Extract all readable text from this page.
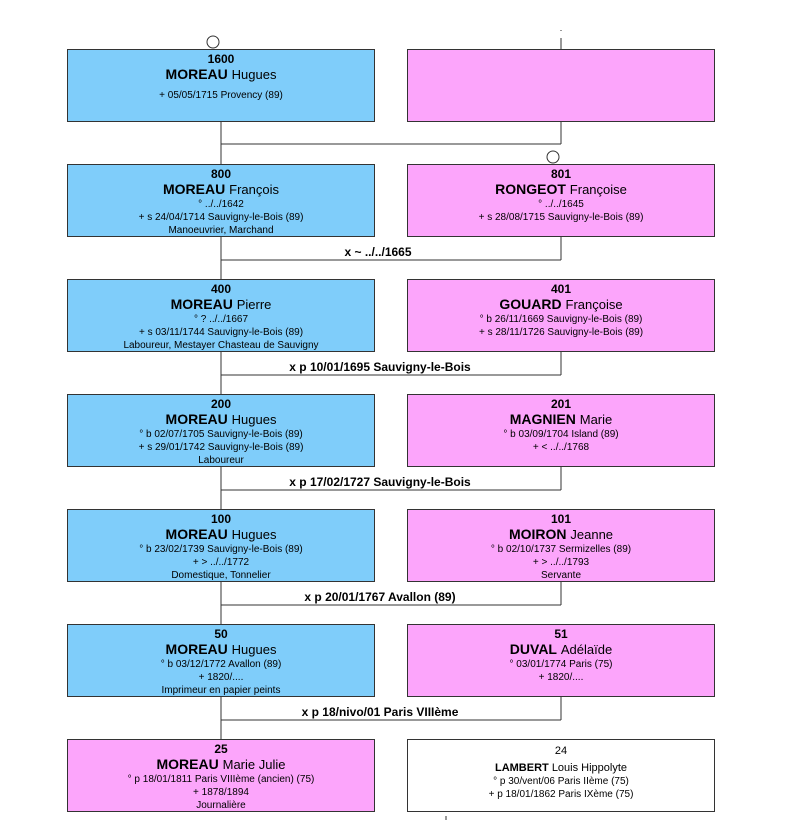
1600
MOREAU Hugues
+ 05/05/1715 Provency (89)
800
MOREAU François
° ../../1642
+ s 24/04/1714 Sauvigny-le-Bois (89)
Manoeuvrier, Marchand
801
RONGEOT Françoise
° ../../1645
+ s 28/08/1715 Sauvigny-le-Bois (89)
x ~ ../../1665
400
MOREAU Pierre
° ? ../../1667
+ s 03/11/1744 Sauvigny-le-Bois (89)
Laboureur, Mestayer Chasteau de Sauvigny
401
GOUARD Françoise
° b 26/11/1669 Sauvigny-le-Bois (89)
+ s 28/11/1726 Sauvigny-le-Bois (89)
x p 10/01/1695 Sauvigny-le-Bois
200
MOREAU Hugues
° b 02/07/1705 Sauvigny-le-Bois (89)
+ s 29/01/1742 Sauvigny-le-Bois (89)
Laboureur
201
MAGNIEN Marie
° b 03/09/1704 Island (89)
+ < ../../1768
x p 17/02/1727 Sauvigny-le-Bois
100
MOREAU Hugues
° b 23/02/1739 Sauvigny-le-Bois (89)
+ > ../../1772
Domestique, Tonnelier
101
MOIRON Jeanne
° b 02/10/1737 Sermizelles (89)
+ > ../../1793
Servante
x p 20/01/1767 Avallon (89)
50
MOREAU Hugues
° b 03/12/1772 Avallon (89)
+ 1820/....
Imprimeur en papier peints
51
DUVAL Adélaïde
° 03/01/1774 Paris (75)
+ 1820/....
x p 18/nivo/01 Paris VIIIème
25
MOREAU Marie Julie
° p 18/01/1811 Paris VIIIème (ancien) (75)
+ 1878/1894
Journalière
24
LAMBERT Louis Hippolyte
° p 30/vent/06 Paris IIème (75)
+ p 18/01/1862 Paris IXème (75)
